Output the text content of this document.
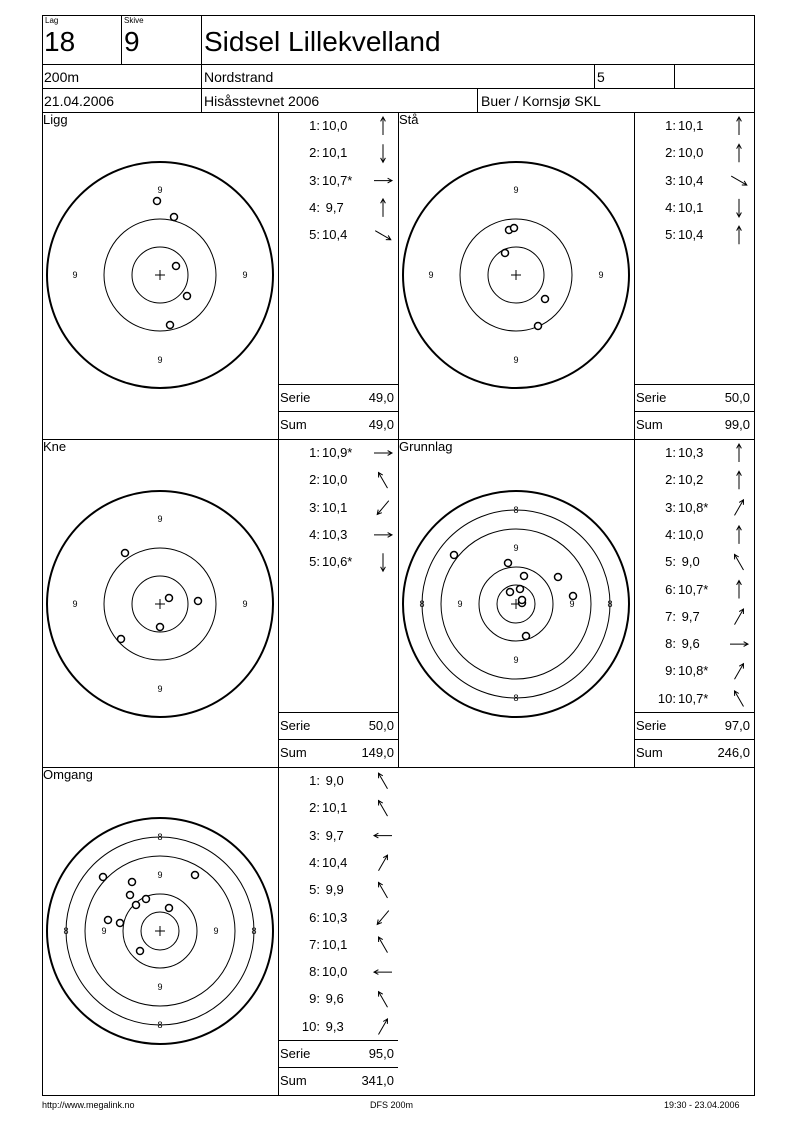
Lag
18
Skive
9 Sidsel Lillekvelland
200m	Nordstrand	5
21.04.2006	Hisåsstevnet 2006	Buer / Kornsjø SKL
9
9
9
9
9
9
9
9
9
9
9
9
9
9
9
9
8
8
8
8
9
9
9
9
8
8
8
8
Ligg	1: 10,0
2: 10,1
3: 10,7*
4: 9,7
5: 10,4
Serie	49,0
Sum	49,0
Stå	1: 10,1
2: 10,0
3: 10,4
4: 10,1
5: 10,4
Serie	50,0
Sum	99,0
Kne	1: 10,9*
2: 10,0
3: 10,1
4: 10,3
5: 10,6*
Serie	50,0
Sum	149,0
Grunnlag	1: 10,3
2: 10,2
3: 10,8*
4: 10,0
5: 9,0
6: 10,7*
7: 9,7
8: 9,6
9: 10,8*
10: 10,7*
Serie	97,0
Sum	246,0
Omgang	1: 9,0
2: 10,1
3: 9,7
4: 10,4
5: 9,9
6: 10,3
7: 10,1
8: 10,0
9: 9,6
10: 9,3
Serie	95,0
Sum	341,0
http://www.megalink.no	DFS 200m	19:30 - 23.04.2006
